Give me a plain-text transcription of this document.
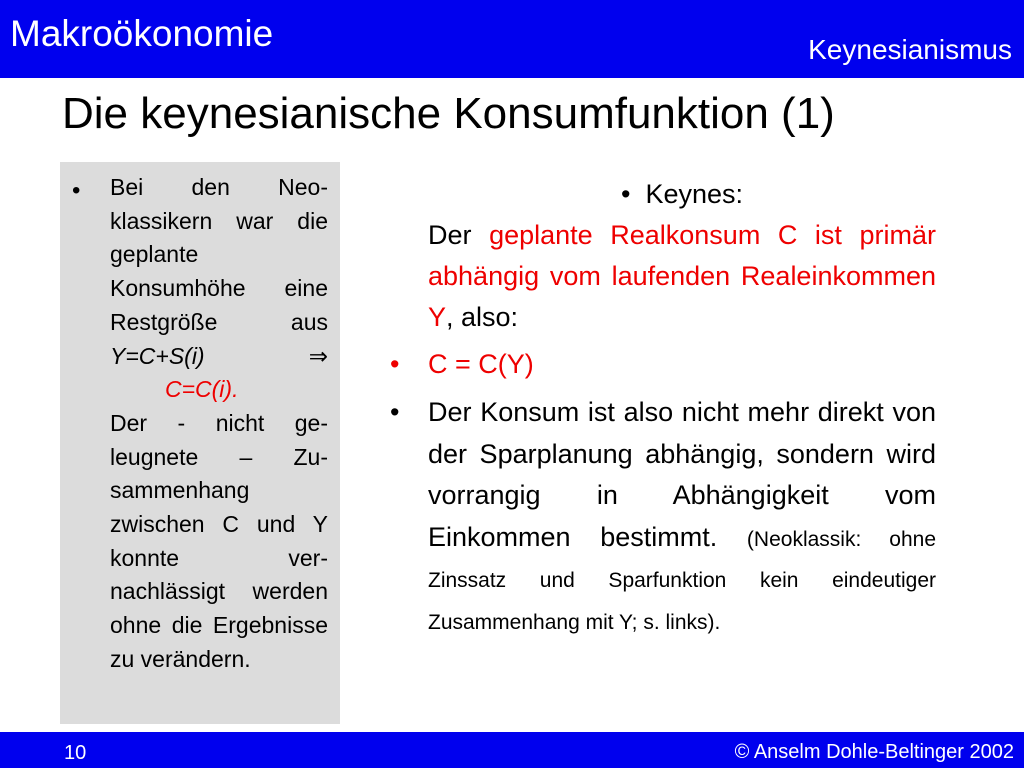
Makroökonomie	Keynesianismus
Die keynesianische Konsumfunktion (1)
• Bei den Neo-klassikern war die geplante Konsumhöhe eine Restgröße aus Y=C+S(i) ⇒ C=C(i).

Der - nicht ge-leugnete – Zu-sammenhang zwischen C und Y konnte ver-nachlässigt werden ohne die Ergebnisse zu verändern.

• Keynes:
Der geplante Realkonsum C ist primär abhängig vom laufenden Realeinkommen Y, also:
• C = C(Y)
• Der Konsum ist also nicht mehr direkt von der Sparplanung abhängig, sondern wird vorrangig in Abhängigkeit vom Einkommen bestimmt. (Neoklassik: ohne Zinssatz und Sparfunktion kein eindeutiger Zusammenhang mit Y; s. links).
10	© Anselm Dohle-Beltinger 2002
